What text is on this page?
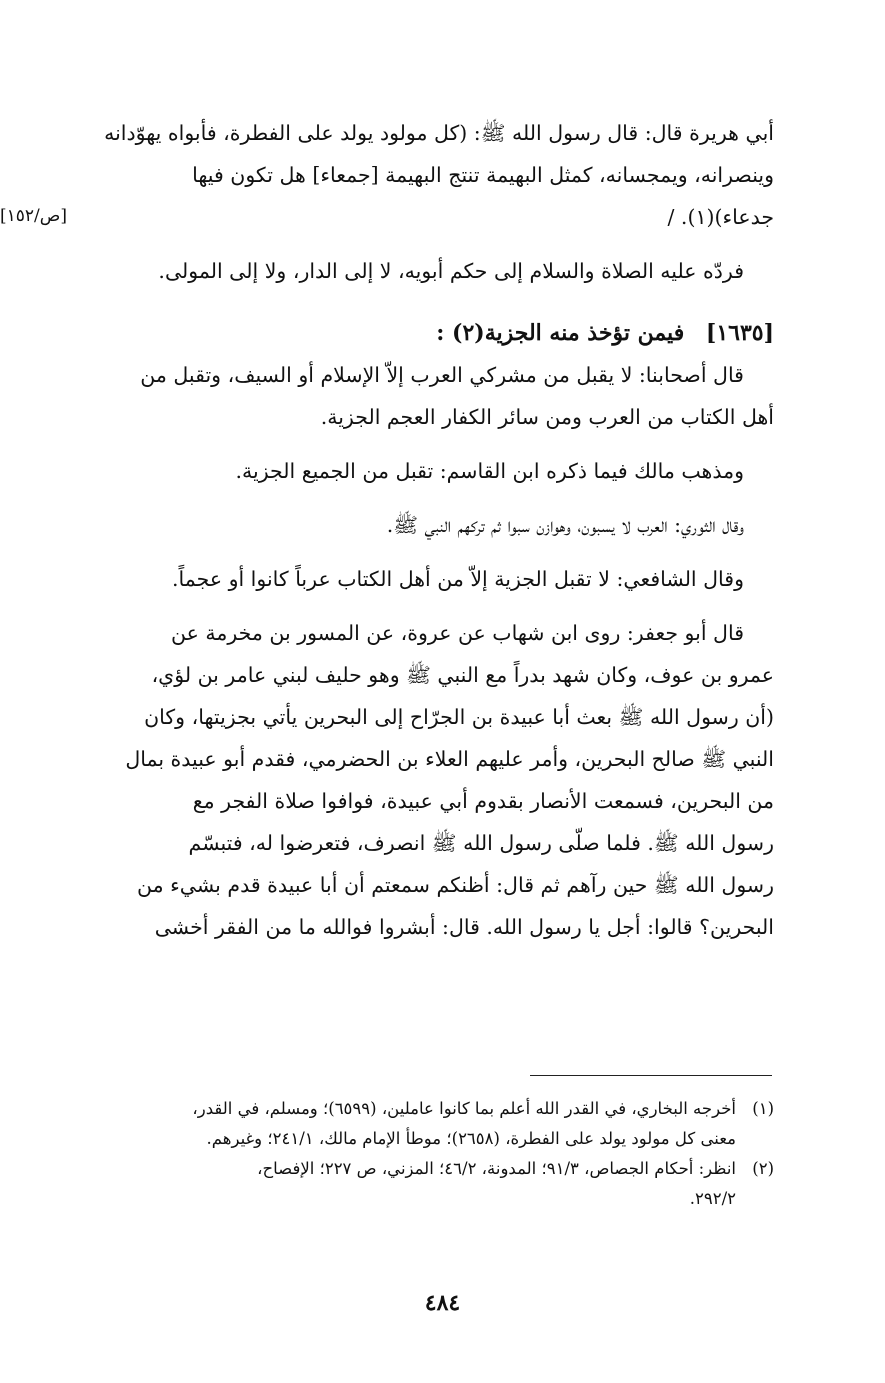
أبي هريرة قال: قال رسول الله ﷺ: (كل مولود يولد على الفطرة، فأبواه يهوّدانه
وينصرانه، ويمجسانه، كمثل البهيمة تنتج البهيمة [جمعاء] هل تكون فيها
جدعاء)(١). /

فردّه عليه الصلاة والسلام إلى حكم أبويه، لا إلى الدار، ولا إلى المولى.

[١٦٣٥] فيمن تؤخذ منه الجزية(٢) :
قال أصحابنا: لا يقبل من مشركي العرب إلاّ الإسلام أو السيف، وتقبل من
أهل الكتاب من العرب ومن سائر الكفار العجم الجزية.

ومذهب مالك فيما ذكره ابن القاسم: تقبل من الجميع الجزية.

وقال الثوري: العرب لا يسبون، وهوازن سبوا ثم تركهم النبي ﷺ.

وقال الشافعي: لا تقبل الجزية إلاّ من أهل الكتاب عرباً كانوا أو عجماً.

قال أبو جعفر: روى ابن شهاب عن عروة، عن المسور بن مخرمة عن
عمرو بن عوف، وكان شهد بدراً مع النبي ﷺ وهو حليف لبني عامر بن لؤي،
(أن رسول الله ﷺ بعث أبا عبيدة بن الجرّاح إلى البحرين يأتي بجزيتها، وكان
النبي ﷺ صالح البحرين، وأمر عليهم العلاء بن الحضرمي، فقدم أبو عبيدة بمال
من البحرين، فسمعت الأنصار بقدوم أبي عبيدة، فوافوا صلاة الفجر مع
رسول الله ﷺ. فلما صلّى رسول الله ﷺ انصرف، فتعرضوا له، فتبسّم
رسول الله ﷺ حين رآهم ثم قال: أظنكم سمعتم أن أبا عبيدة قدم بشيء من
البحرين؟ قالوا: أجل يا رسول الله. قال: أبشروا فوالله ما من الفقر أخشى
[ص/١٥٢]
(١)
أخرجه البخاري، في القدر الله أعلم بما كانوا عاملين، (٦٥٩٩)؛ ومسلم، في القدر،
معنى كل مولود يولد على الفطرة، (٢٦٥٨)؛ موطأ الإمام مالك، ٢٤١/١؛ وغيرهم.
(٢)
انظر: أحكام الجصاص، ٩١/٣؛ المدونة، ٤٦/٢؛ المزني، ص ٢٢٧؛ الإفصاح،
٢٩٢/٢.
٤٨٤
